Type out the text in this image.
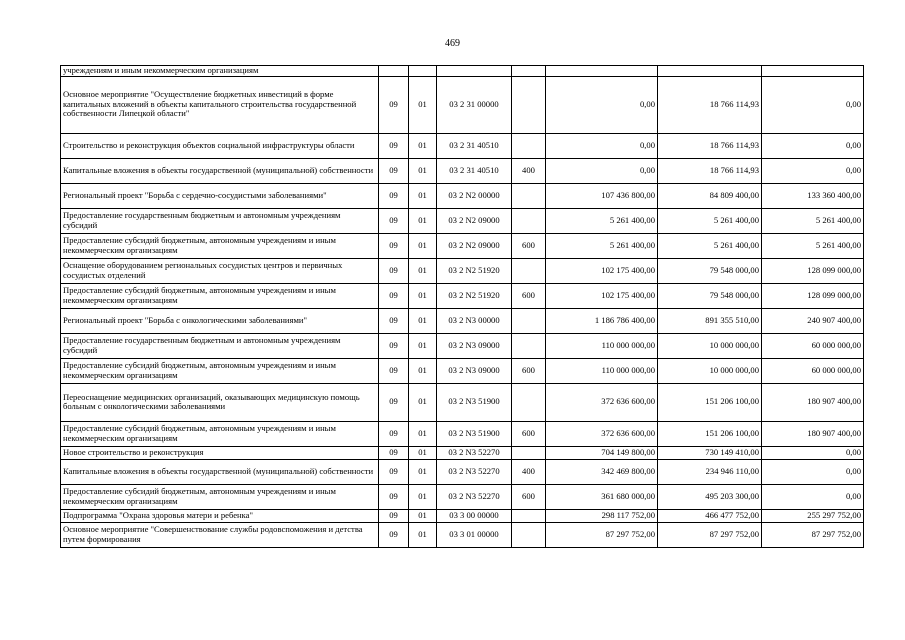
469
учреждениям и иным некоммерческим организациям							
Основное мероприятие "Осуществление бюджетных инвестиций в форме капитальных вложений в объекты капитального строительства государственной собственности Липецкой области"	09	01	03 2 31 00000		0,00	18 766 114,93	0,00
Строительство и реконструкция объектов социальной инфраструктуры области	09	01	03 2 31 40510		0,00	18 766 114,93	0,00
Капитальные вложения в объекты государственной (муниципальной) собственности	09	01	03 2 31 40510	400	0,00	18 766 114,93	0,00
Региональный проект "Борьба с сердечно-сосудистыми заболеваниями"	09	01	03 2 N2 00000		107 436 800,00	84 809 400,00	133 360 400,00
Предоставление государственным бюджетным и автономным учреждениям субсидий	09	01	03 2 N2 09000		5 261 400,00	5 261 400,00	5 261 400,00
Предоставление субсидий бюджетным, автономным учреждениям и иным некоммерческим организациям	09	01	03 2 N2 09000	600	5 261 400,00	5 261 400,00	5 261 400,00
Оснащение оборудованием региональных сосудистых центров и первичных сосудистых отделений	09	01	03 2 N2 51920		102 175 400,00	79 548 000,00	128 099 000,00
Предоставление субсидий бюджетным, автономным учреждениям и иным некоммерческим организациям	09	01	03 2 N2 51920	600	102 175 400,00	79 548 000,00	128 099 000,00
Региональный проект "Борьба с онкологическими заболеваниями"	09	01	03 2 N3 00000		1 186 786 400,00	891 355 510,00	240 907 400,00
Предоставление государственным бюджетным и автономным учреждениям субсидий	09	01	03 2 N3 09000		110 000 000,00	10 000 000,00	60 000 000,00
Предоставление субсидий бюджетным, автономным учреждениям и иным некоммерческим организациям	09	01	03 2 N3 09000	600	110 000 000,00	10 000 000,00	60 000 000,00
Переоснащение медицинских организаций, оказывающих медицинскую помощь больным с онкологическими заболеваниями	09	01	03 2 N3 51900		372 636 600,00	151 206 100,00	180 907 400,00
Предоставление субсидий бюджетным, автономным учреждениям и иным некоммерческим организациям	09	01	03 2 N3 51900	600	372 636 600,00	151 206 100,00	180 907 400,00
Новое строительство и реконструкция	09	01	03 2 N3 52270		704 149 800,00	730 149 410,00	0,00
Капитальные вложения в объекты государственной (муниципальной) собственности	09	01	03 2 N3 52270	400	342 469 800,00	234 946 110,00	0,00
Предоставление субсидий бюджетным, автономным учреждениям и иным некоммерческим организациям	09	01	03 2 N3 52270	600	361 680 000,00	495 203 300,00	0,00
Подпрограмма "Охрана здоровья матери и ребенка"	09	01	03 3 00 00000		298 117 752,00	466 477 752,00	255 297 752,00
Основное мероприятие "Совершенствование службы родовспоможения и детства путем формирования	09	01	03 3 01 00000		87 297 752,00	87 297 752,00	87 297 752,00
